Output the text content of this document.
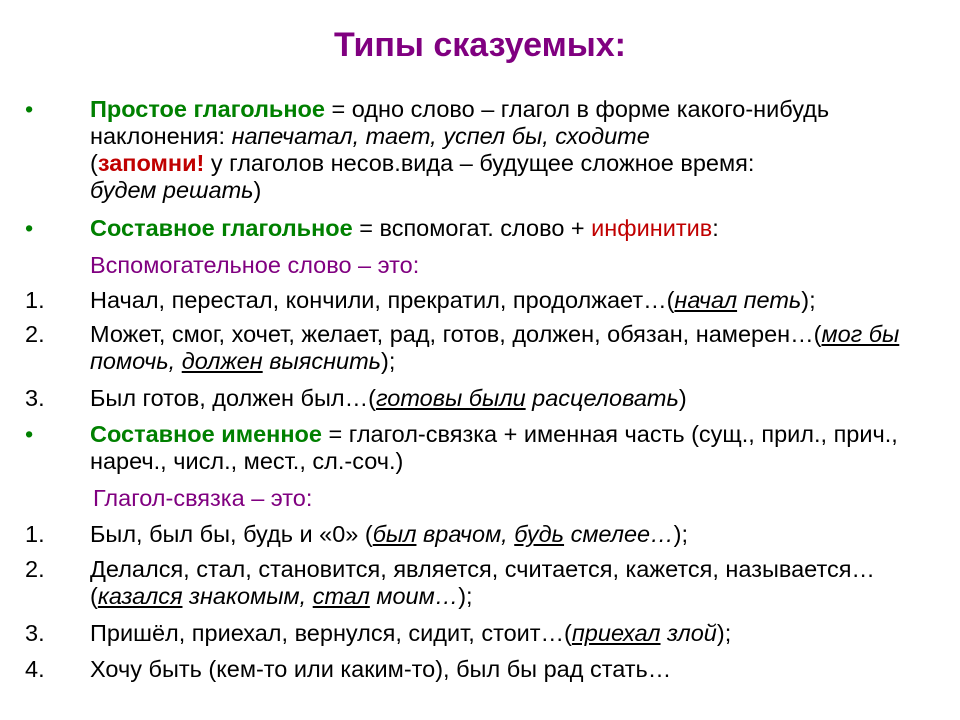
Типы сказуемых:
• Простое глагольное = одно слово – глагол в форме какого-нибудь наклонения: напечатал, тает, успел бы, сходите
(запомни! у глаголов несов.вида – будущее сложное время:
будем решать)
• Составное глагольное = вспомогат. слово + инфинитив:
Вспомогательное слово – это:
1. Начал, перестал, кончили, прекратил, продолжает…(начал петь);
2. Может, смог, хочет, желает, рад, готов, должен, обязан, намерен…(мог бы помочь, должен выяснить);
3. Был готов, должен был…(готовы были расцеловать)
• Составное именное = глагол-связка + именная часть (сущ., прил., прич., нареч., числ., мест., сл.-соч.)
Глагол-связка – это:
1. Был, был бы, будь и «0» (был врачом, будь смелее…);
2. Делался, стал, становится, является, считается, кажется, называется…(казался знакомым, стал моим…);
3. Пришёл, приехал, вернулся, сидит, стоит…(приехал злой);
4. Хочу быть (кем-то или каким-то), был бы рад стать…
